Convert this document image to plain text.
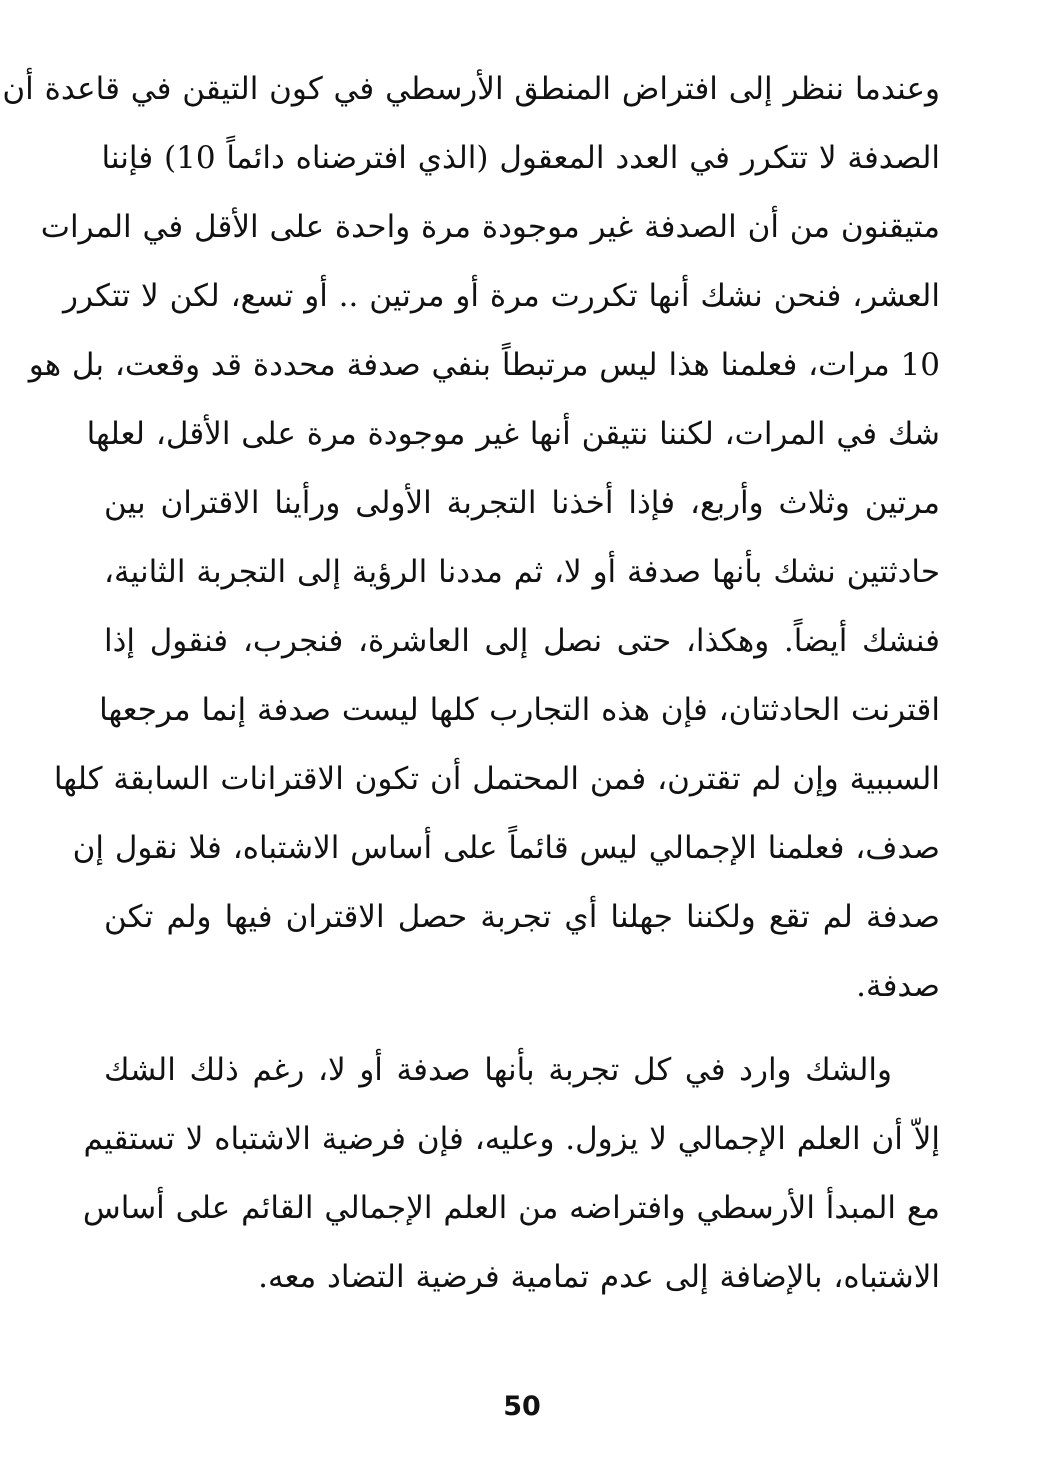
وعندما ننظر إلى افتراض المنطق الأرسطي في كون التيقن في قاعدة أن
الصدفة لا تتكرر في العدد المعقول (الذي افترضناه دائماً 10) فإننا
متيقنون من أن الصدفة غير موجودة مرة واحدة على الأقل في المرات
العشر، فنحن نشك أنها تكررت مرة أو مرتين .. أو تسع، لكن لا تتكرر
10 مرات، فعلمنا هذا ليس مرتبطاً بنفي صدفة محددة قد وقعت، بل هو
شك في المرات، لكننا نتيقن أنها غير موجودة مرة على الأقل، لعلها
مرتين وثلاث وأربع، فإذا أخذنا التجربة الأولى ورأينا الاقتران بين
حادثتين نشك بأنها صدفة أو لا، ثم مددنا الرؤية إلى التجربة الثانية،
فنشك أيضاً. وهكذا، حتى نصل إلى العاشرة، فنجرب، فنقول إذا
اقترنت الحادثتان، فإن هذه التجارب كلها ليست صدفة إنما مرجعها
السببية وإن لم تقترن، فمن المحتمل أن تكون الاقترانات السابقة كلها
صدف، فعلمنا الإجمالي ليس قائماً على أساس الاشتباه، فلا نقول إن
صدفة لم تقع ولكننا جهلنا أي تجربة حصل الاقتران فيها ولم تكن
صدفة.
والشك وارد في كل تجربة بأنها صدفة أو لا، رغم ذلك الشك
إلاّ أن العلم الإجمالي لا يزول. وعليه، فإن فرضية الاشتباه لا تستقيم
مع المبدأ الأرسطي وافتراضه من العلم الإجمالي القائم على أساس
الاشتباه، بالإضافة إلى عدم تمامية فرضية التضاد معه.
50
